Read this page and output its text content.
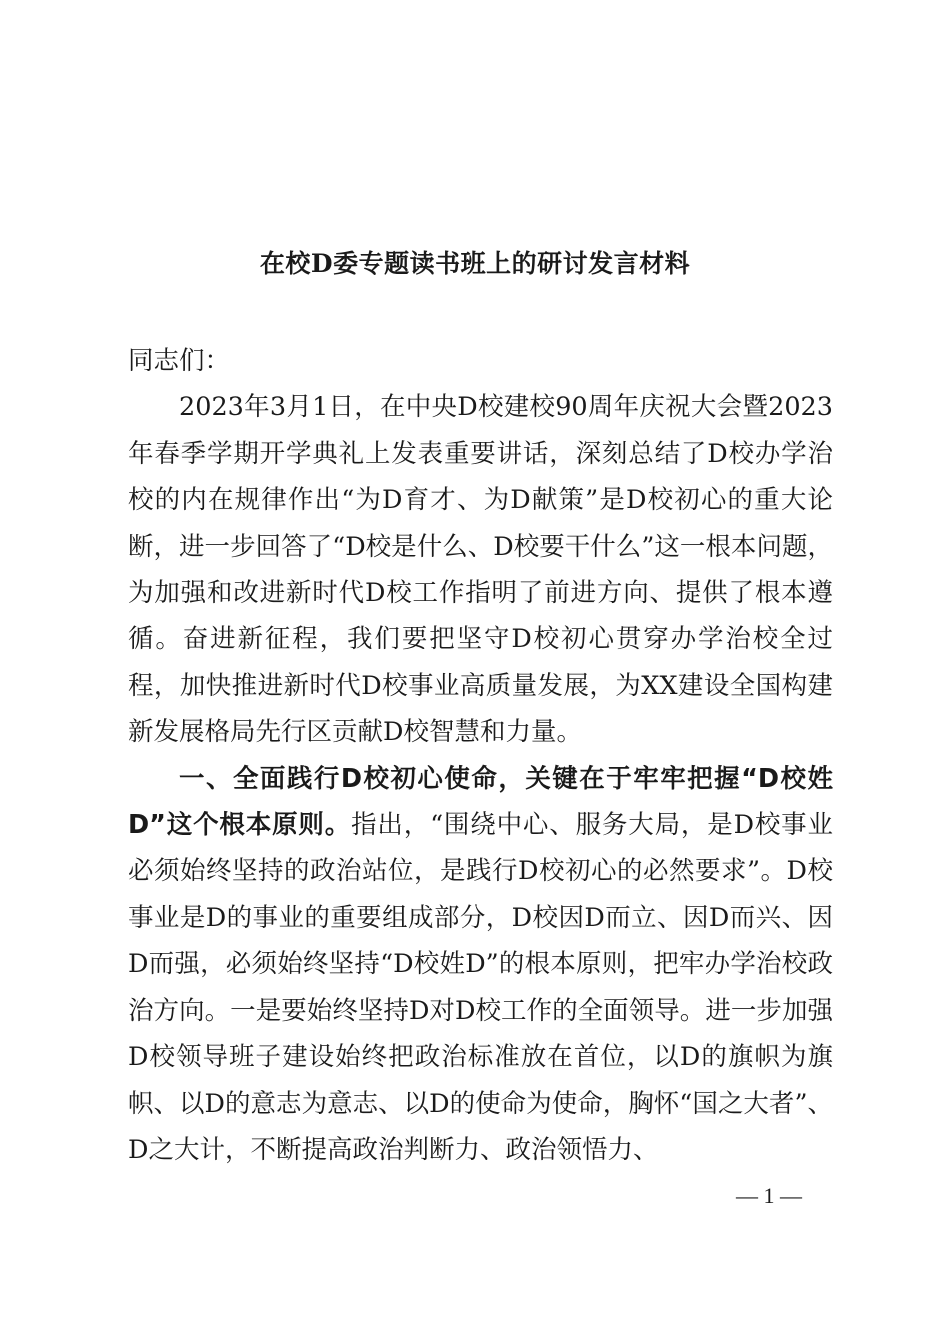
在校D委专题读书班上的研讨发言材料

同志们：

2023年3月1日，在中央D校建校90周年庆祝大会暨2023年春季学期开学典礼上发表重要讲话，深刻总结了D校办学治校的内在规律作出“为D育才、为D献策”是D校初心的重大论断，进一步回答了“D校是什么、D校要干什么”这一根本问题，为加强和改进新时代D校工作指明了前进方向、提供了根本遵循。奋进新征程，我们要把坚守D校初心贯穿办学治校全过程，加快推进新时代D校事业高质量发展，为XX建设全国构建新发展格局先行区贡献D校智慧和力量。

一、全面践行D校初心使命，关键在于牢牢把握“D校姓D”这个根本原则。指出，“围绕中心、服务大局，是D校事业必须始终坚持的政治站位，是践行D校初心的必然要求”。D校事业是D的事业的重要组成部分，D校因D而立、因D而兴、因D而强，必须始终坚持“D校姓D”的根本原则，把牢办学治校政治方向。一是要始终坚持D对D校工作的全面领导。进一步加强D校领导班子建设始终把政治标准放在首位，以D的旗帜为旗帜、以D的意志为意志、以D的使命为使命，胸怀“国之大者”、D之大计，不断提高政治判断力、政治领悟力、

— 1 —
